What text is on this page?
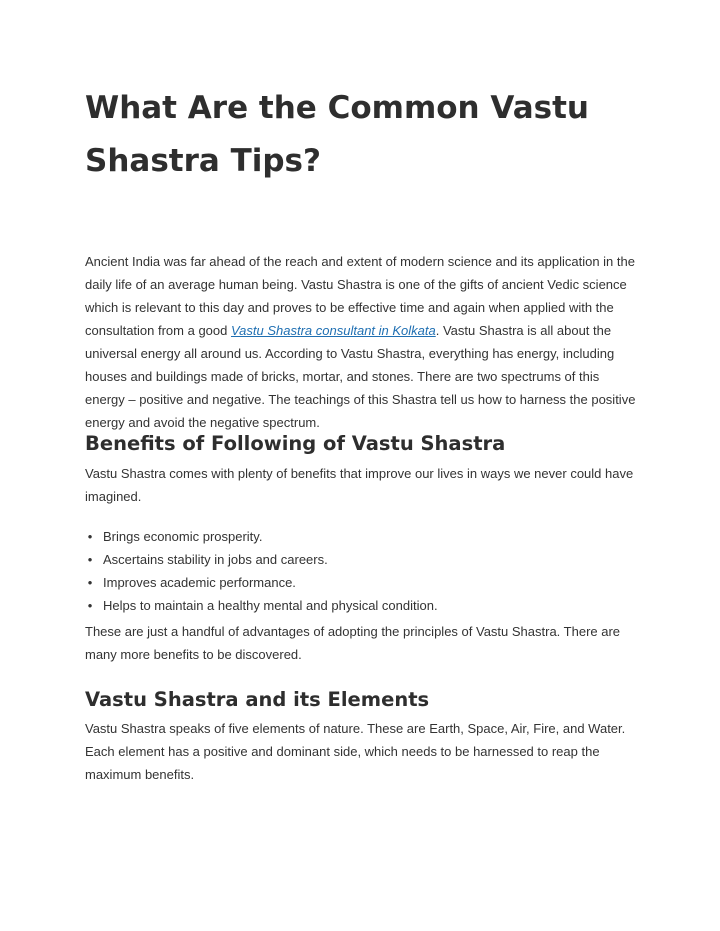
What Are the Common Vastu Shastra Tips?

Ancient India was far ahead of the reach and extent of modern science and its application in the daily life of an average human being. Vastu Shastra is one of the gifts of ancient Vedic science which is relevant to this day and proves to be effective time and again when applied with the consultation from a good Vastu Shastra consultant in Kolkata. Vastu Shastra is all about the universal energy all around us. According to Vastu Shastra, everything has energy, including houses and buildings made of bricks, mortar, and stones. There are two spectrums of this energy – positive and negative. The teachings of this Shastra tell us how to harness the positive energy and avoid the negative spectrum.

Benefits of Following of Vastu Shastra

Vastu Shastra comes with plenty of benefits that improve our lives in ways we never could have imagined.

• Brings economic prosperity.
• Ascertains stability in jobs and careers.
• Improves academic performance.
• Helps to maintain a healthy mental and physical condition.

These are just a handful of advantages of adopting the principles of Vastu Shastra. There are many more benefits to be discovered.

Vastu Shastra and its Elements

Vastu Shastra speaks of five elements of nature. These are Earth, Space, Air, Fire, and Water. Each element has a positive and dominant side, which needs to be harnessed to reap the maximum benefits.
